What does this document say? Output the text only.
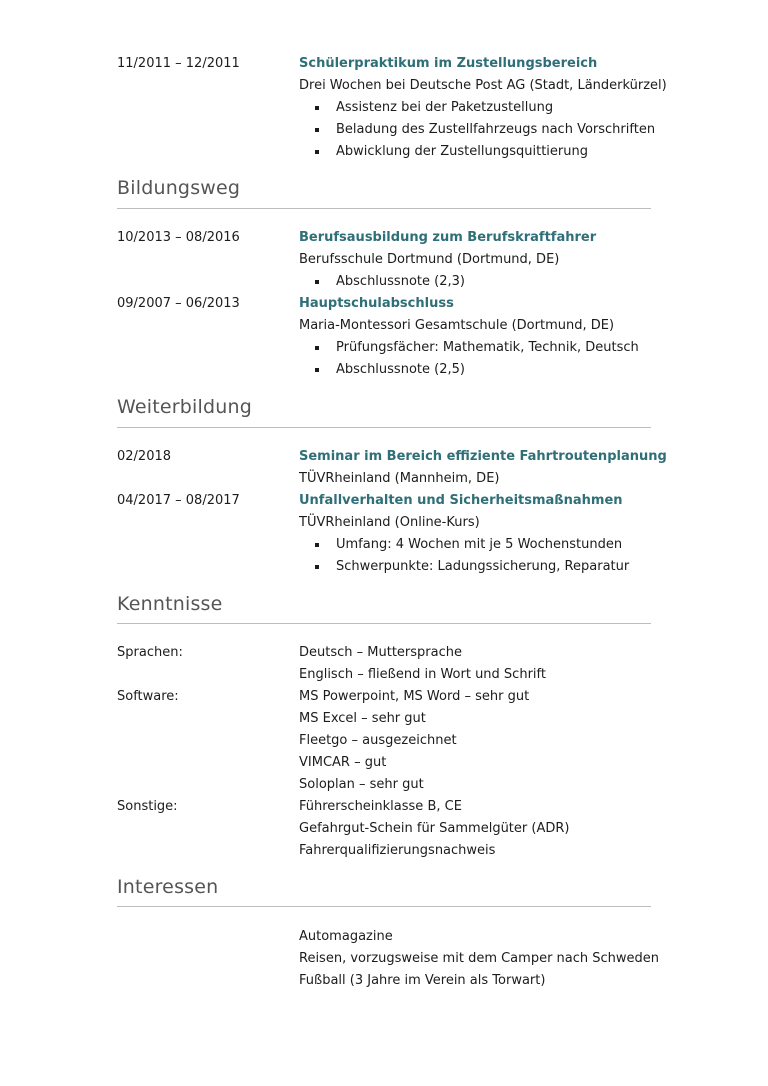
11/2011 – 12/2011	Schülerpraktikum im Zustellungsbereich
Drei Wochen bei Deutsche Post AG (Stadt, Länderkürzel)
Assistenz bei der Paketzustellung
Beladung des Zustellfahrzeugs nach Vorschriften
Abwicklung der Zustellungsquittierung
Bildungsweg
10/2013 – 08/2016	Berufsausbildung zum Berufskraftfahrer
Berufsschule Dortmund (Dortmund, DE)
Abschlussnote (2,3)
09/2007 – 06/2013	Hauptschulabschluss
Maria-Montessori Gesamtschule (Dortmund, DE)
Prüfungsfächer: Mathematik, Technik, Deutsch
Abschlussnote (2,5)
Weiterbildung
02/2018	Seminar im Bereich effiziente Fahrtroutenplanung
TÜVRheinland (Mannheim, DE)
04/2017 – 08/2017	Unfallverhalten und Sicherheitsmaßnahmen
TÜVRheinland (Online-Kurs)
Umfang: 4 Wochen mit je 5 Wochenstunden
Schwerpunkte: Ladungssicherung, Reparatur
Kenntnisse
Sprachen:	Deutsch – Muttersprache
Englisch – fließend in Wort und Schrift
Software:	MS Powerpoint, MS Word – sehr gut
MS Excel – sehr gut
Fleetgo – ausgezeichnet
VIMCAR – gut
Soloplan – sehr gut
Sonstige:	Führerscheinklasse B, CE
Gefahrgut-Schein für Sammelgüter (ADR)
Fahrerqualifizierungsnachweis
Interessen
Automagazine
Reisen, vorzugsweise mit dem Camper nach Schweden
Fußball (3 Jahre im Verein als Torwart)
